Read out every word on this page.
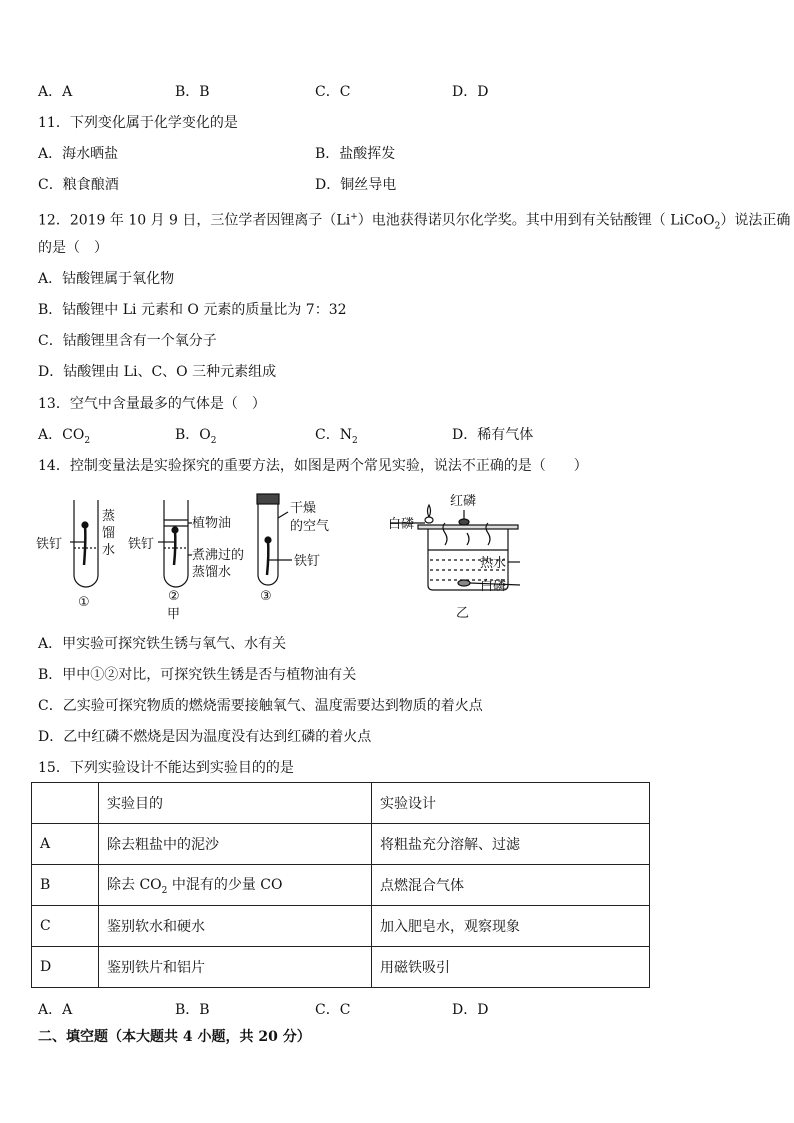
A．A	B．B	C．C	D．D
11．下列变化属于化学变化的是
A．海水晒盐	B．盐酸挥发
C．粮食酿酒	D．铜丝导电
12．2019 年 10 月 9 日，三位学者因锂离子（Li+）电池获得诺贝尔化学奖。其中用到有关钴酸锂（ LiCoO$_2$）说法正确
的是（　）
A．钴酸锂属于氧化物
B．钴酸锂中 Li 元素和 O 元素的质量比为 7：32
C．钴酸锂里含有一个氧分子
D．钴酸锂由 Li、C、O 三种元素组成
13．空气中含量最多的气体是（　）
A．$CO_2$	B．$O_2$	C．$N_2$	D．稀有气体
14．控制变量法是实验探究的重要方法，如图是两个常见实验，说法不正确的是（　　）
铁钉
蒸
馏
水
①
铁钉
植物油
煮沸过的
蒸馏水
②
甲
干燥
的空气
铁钉
③
红磷
白磷
热水
白磷
乙
A．甲实验可探究铁生锈与氧气、水有关
B．甲中①②对比，可探究铁生锈是否与植物油有关
C．乙实验可探究物质的燃烧需要接触氧气、温度需要达到物质的着火点
D．乙中红磷不燃烧是因为温度没有达到红磷的着火点
15．下列实验设计不能达到实验目的的是
	实验目的	实验设计
A	除去粗盐中的泥沙	将粗盐充分溶解、过滤
B	除去 $CO_2$ 中混有的少量 CO	点燃混合气体
C	鉴别软水和硬水	加入肥皂水，观察现象
D	鉴别铁片和铝片	用磁铁吸引
A．A	B．B	C．C	D．D
二、填空题（本大题共 4 小题，共 20 分）
